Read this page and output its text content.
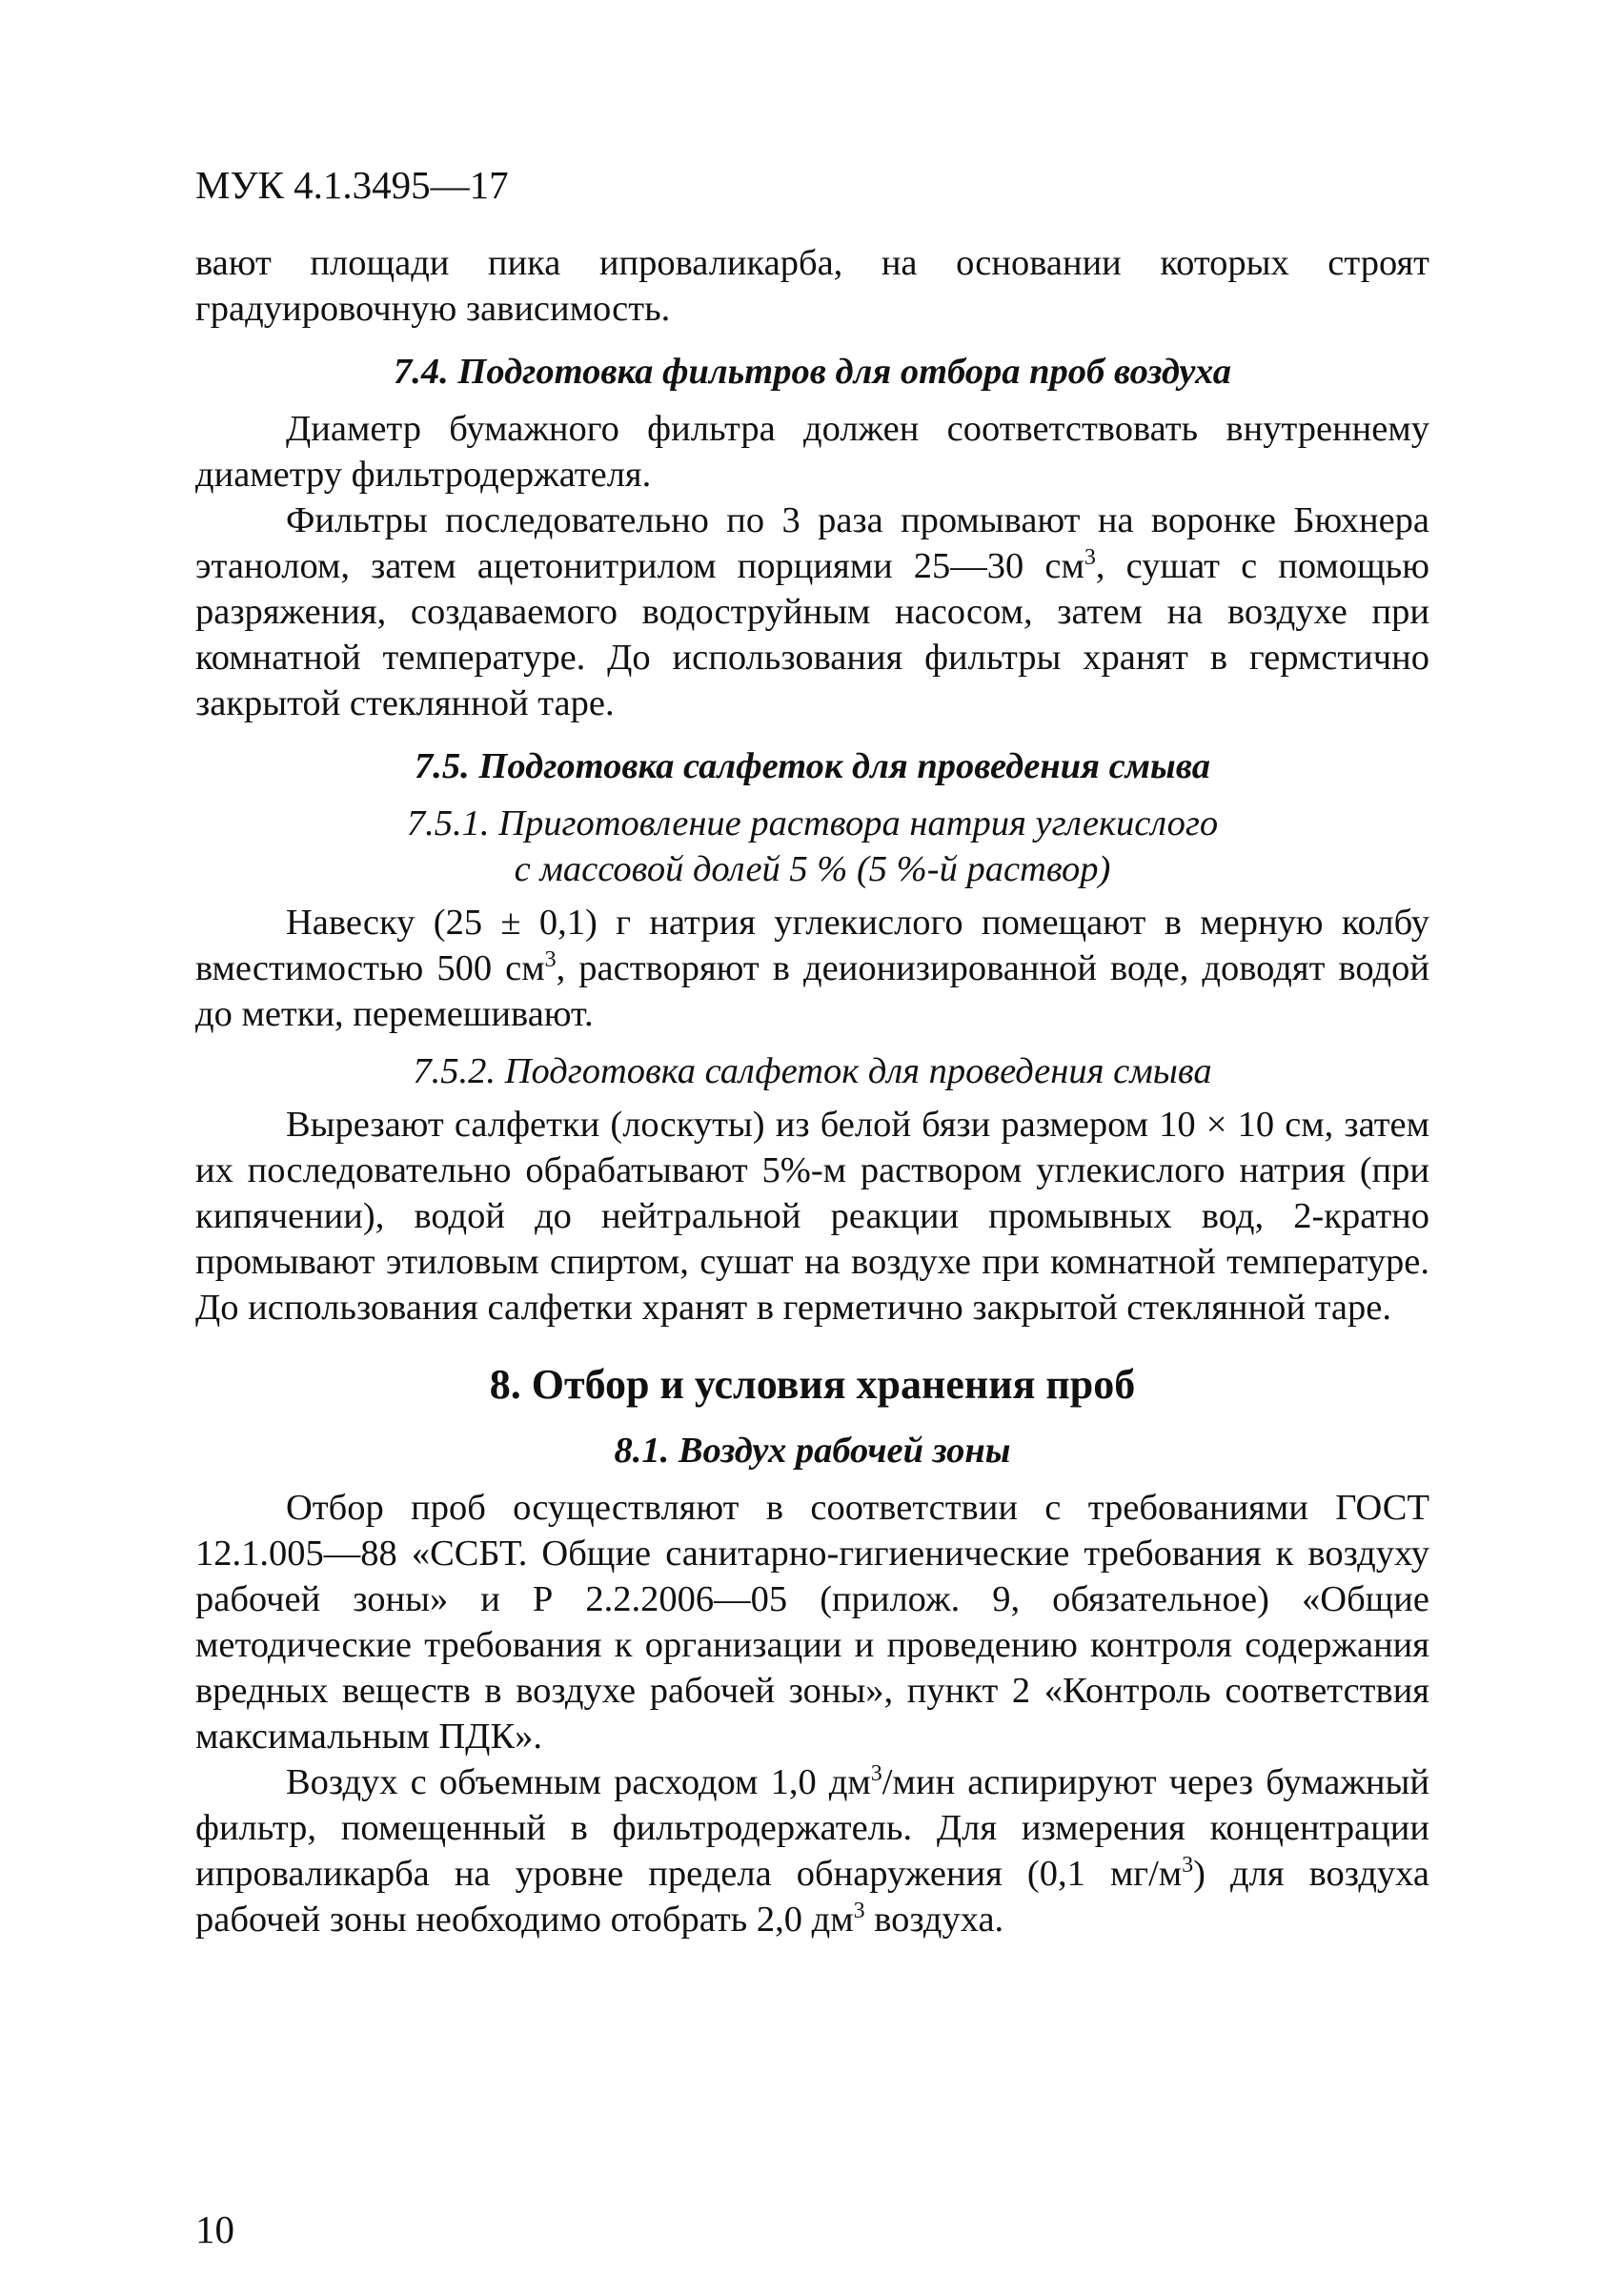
МУК 4.1.3495—17

вают площади пика ипроваликарба, на основании которых строят градуировочную зависимость.

7.4. Подготовка фильтров для отбора проб воздуха

Диаметр бумажного фильтра должен соответствовать внутреннему диаметру фильтродержателя.

Фильтры последовательно по 3 раза промывают на воронке Бюхнера этанолом, затем ацетонитрилом порциями 25—30 $см^3$, сушат с помощью разряжения, создаваемого водоструйным насосом, затем на воздухе при комнатной температуре. До использования фильтры хранят в гермстично закрытой стеклянной таре.

7.5. Подготовка салфеток для проведения смыва
7.5.1. Приготовление раствора натрия углекислого
с массовой долей 5 % (5 %-й раствор)

Навеску (25 ± 0,1) г натрия углекислого помещают в мерную колбу вместимостью 500 $см^3$, растворяют в деионизированной воде, доводят водой до метки, перемешивают.

7.5.2. Подготовка салфеток для проведения смыва

Вырезают салфетки (лоскуты) из белой бязи размером 10 × 10 см, затем их последовательно обрабатывают 5%-м раствором углекислого натрия (при кипячении), водой до нейтральной реакции промывных вод, 2-кратно промывают этиловым спиртом, сушат на воздухе при комнатной температуре. До использования салфетки хранят в герметично закрытой стеклянной таре.

8. Отбор и условия хранения проб
8.1. Воздух рабочей зоны

Отбор проб осуществляют в соответствии с требованиями ГОСТ 12.1.005—88 «ССБТ. Общие санитарно-гигиенические требования к воздуху рабочей зоны» и Р 2.2.2006—05 (прилож. 9, обязательное) «Общие методические требования к организации и проведению контроля содержания вредных веществ в воздухе рабочей зоны», пункт 2 «Контроль соответствия максимальным ПДК».

Воздух с объемным расходом 1,0 $дм^3$/мин аспирируют через бумажный фильтр, помещенный в фильтродержатель. Для измерения концентрации ипроваликарба на уровне предела обнаружения (0,1 $мг/м^3$) для воздуха рабочей зоны необходимо отобрать 2,0 $дм^3$ воздуха.

10
